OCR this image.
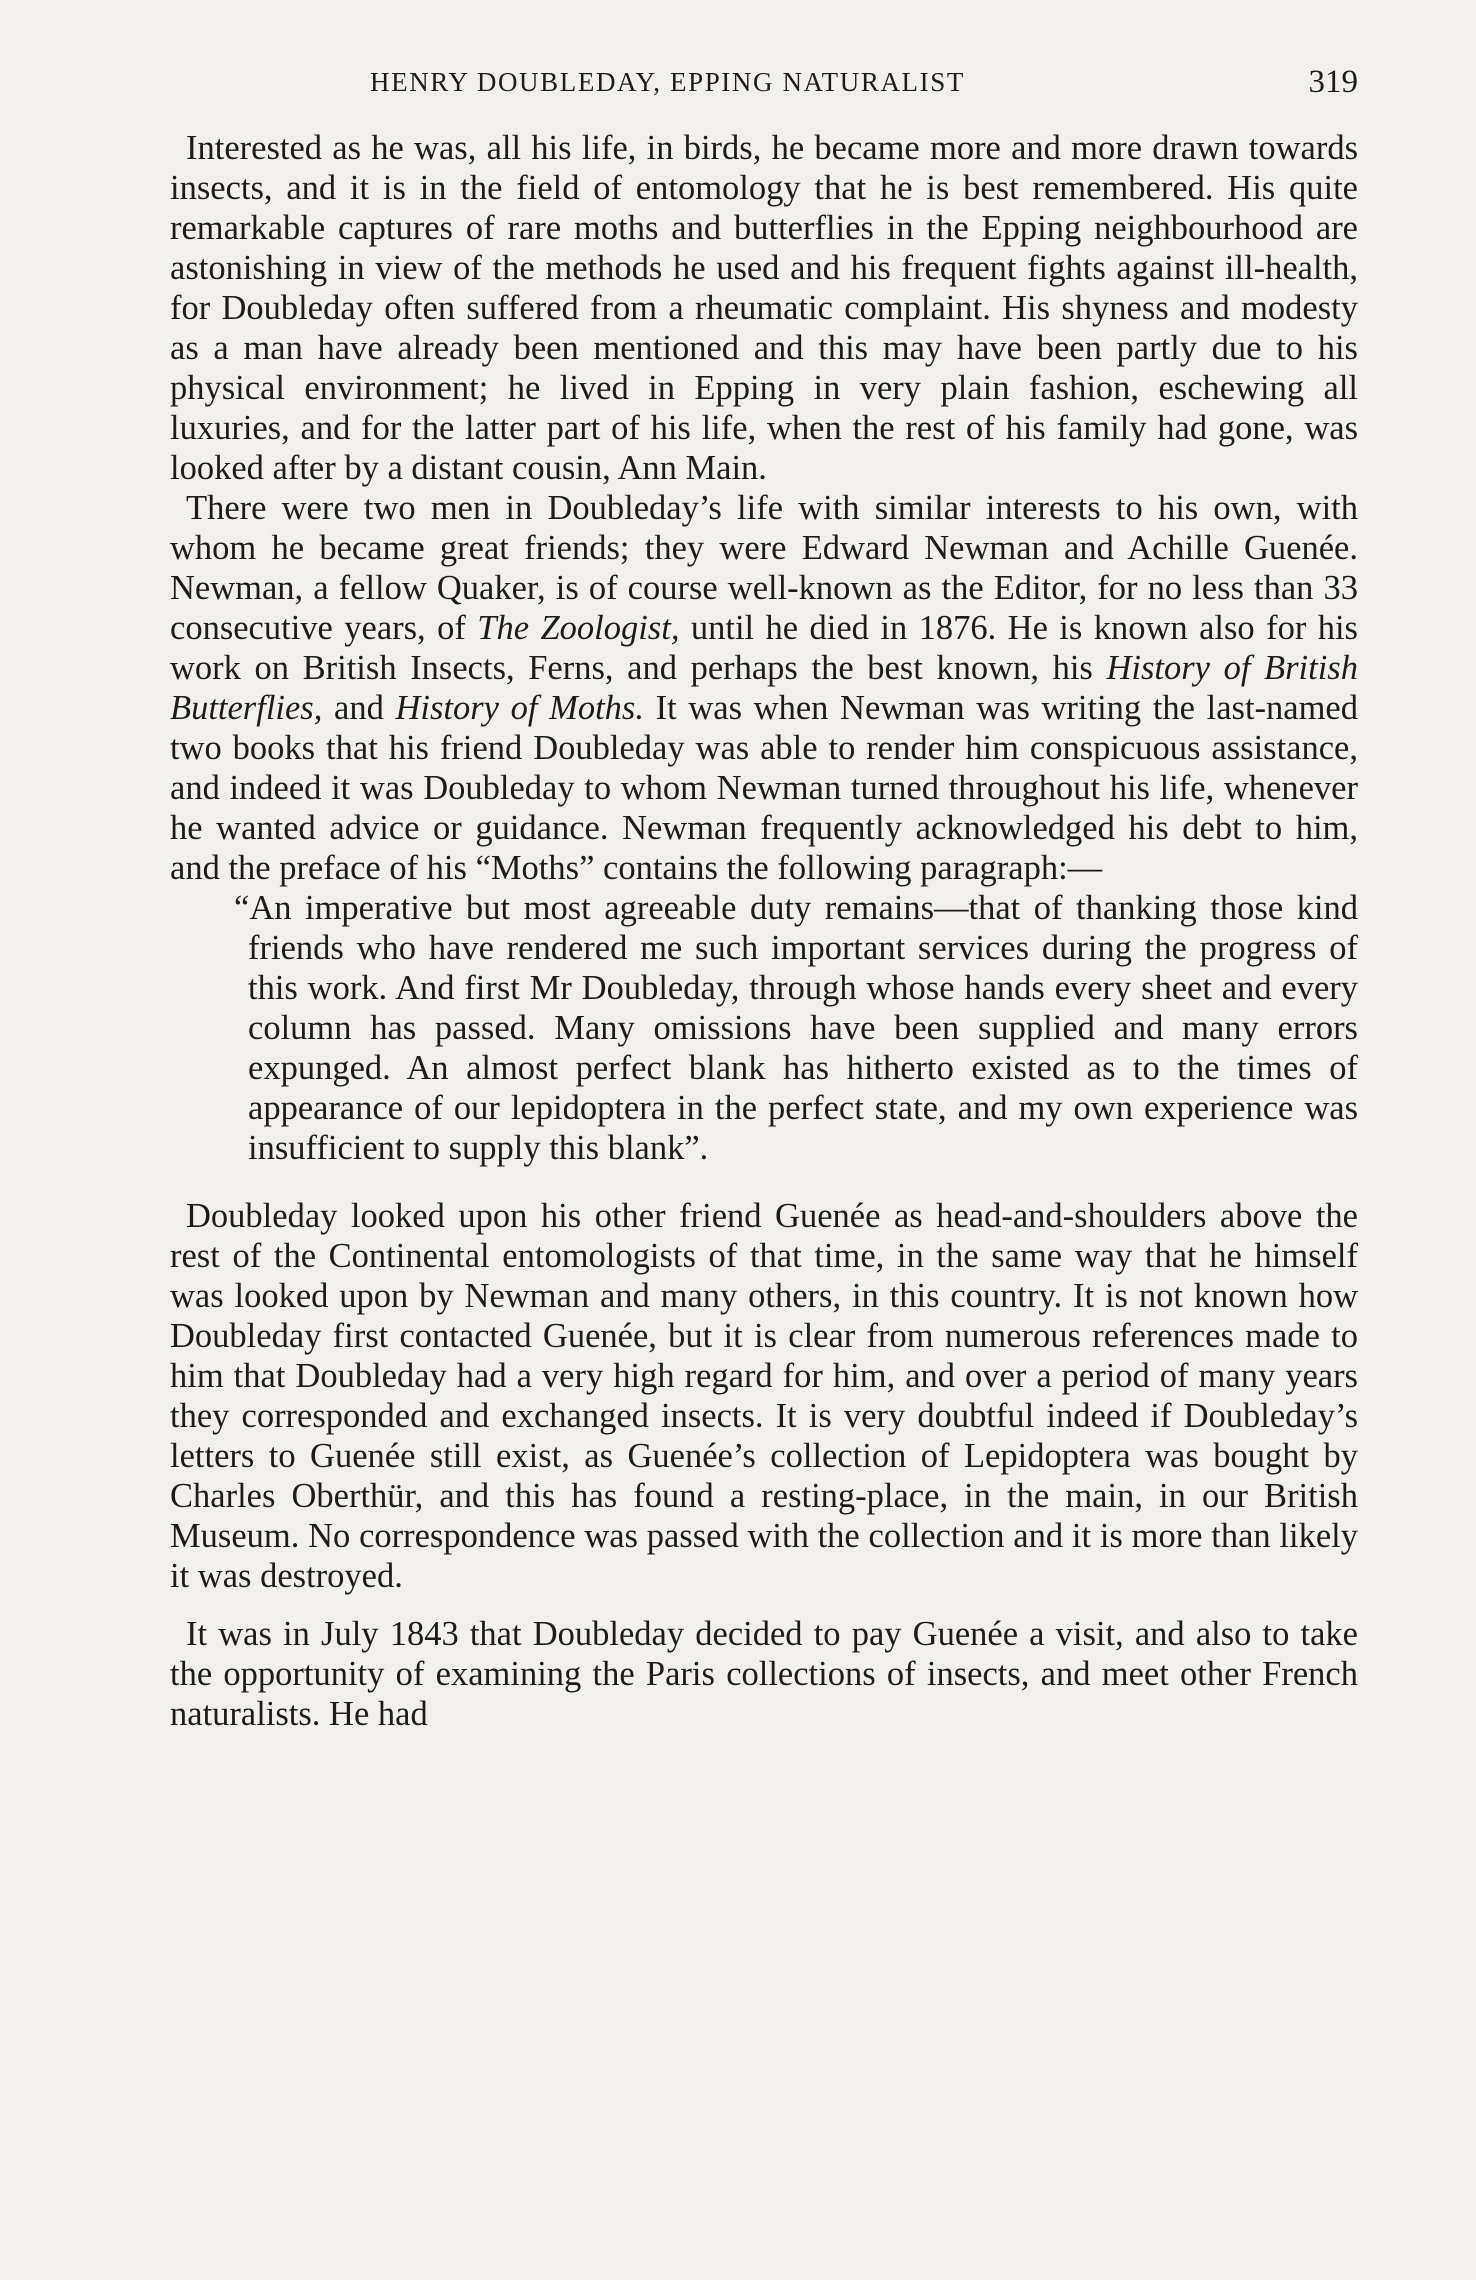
HENRY DOUBLEDAY, EPPING NATURALIST	319

Interested as he was, all his life, in birds, he became more and more drawn towards insects, and it is in the field of entomology that he is best remembered. His quite remarkable captures of rare moths and butterflies in the Epping neighbourhood are astonishing in view of the methods he used and his frequent fights against ill-health, for Doubleday often suffered from a rheumatic complaint. His shyness and modesty as a man have already been mentioned and this may have been partly due to his physical environment; he lived in Epping in very plain fashion, eschewing all luxuries, and for the latter part of his life, when the rest of his family had gone, was looked after by a distant cousin, Ann Main.

There were two men in Doubleday’s life with similar interests to his own, with whom he became great friends; they were Edward Newman and Achille Guenée. Newman, a fellow Quaker, is of course well-known as the Editor, for no less than 33 consecutive years, of The Zoologist, until he died in 1876. He is known also for his work on British Insects, Ferns, and perhaps the best known, his History of British Butterflies, and History of Moths. It was when Newman was writing the last-named two books that his friend Doubleday was able to render him conspicuous assistance, and indeed it was Doubleday to whom Newman turned throughout his life, whenever he wanted advice or guidance. Newman frequently acknowledged his debt to him, and the preface of his “Moths” contains the following paragraph:—

“An imperative but most agreeable duty remains—that of thanking those kind friends who have rendered me such important services during the progress of this work. And first Mr Doubleday, through whose hands every sheet and every column has passed. Many omissions have been supplied and many errors expunged. An almost perfect blank has hitherto existed as to the times of appearance of our lepidoptera in the perfect state, and my own experience was insufficient to supply this blank”.

Doubleday looked upon his other friend Guenée as head-and-shoulders above the rest of the Continental entomologists of that time, in the same way that he himself was looked upon by Newman and many others, in this country. It is not known how Doubleday first contacted Guenée, but it is clear from numerous references made to him that Doubleday had a very high regard for him, and over a period of many years they corresponded and exchanged insects. It is very doubtful indeed if Doubleday’s letters to Guenée still exist, as Guenée’s collection of Lepidoptera was bought by Charles Oberthür, and this has found a resting-place, in the main, in our British Museum. No correspondence was passed with the collection and it is more than likely it was destroyed.

It was in July 1843 that Doubleday decided to pay Guenée a visit, and also to take the opportunity of examining the Paris collections of insects, and meet other French naturalists. He had
